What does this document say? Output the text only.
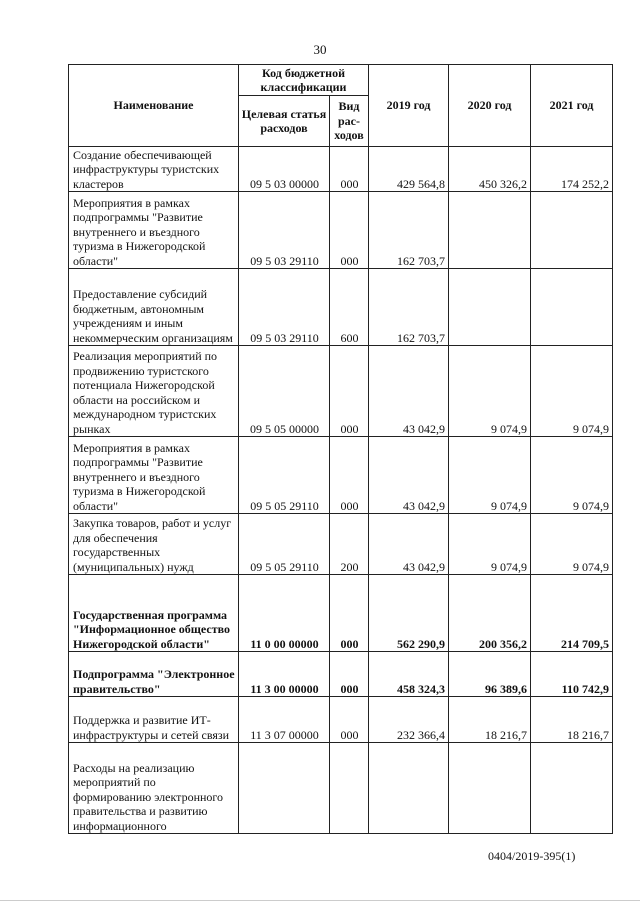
30
Наименование	Код бюджетной классификации		2019 год	2020 год	2021 год
	Целевая статья расходов	Вид рас-ходов			
Создание обеспечивающей инфраструктуры туристских кластеров	09 5 03 00000	000	429 564,8	450 326,2	174 252,2
Мероприятия в рамках подпрограммы "Развитие внутреннего и въездного туризма в Нижегородской области"	09 5 03 29110	000	162 703,7		
Предоставление субсидий бюджетным, автономным учреждениям и иным некоммерческим организациям	09 5 03 29110	600	162 703,7		
Реализация мероприятий по продвижению туристского потенциала Нижегородской области на российском и международном туристских рынках	09 5 05 00000	000	43 042,9	9 074,9	9 074,9
Мероприятия в рамках подпрограммы "Развитие внутреннего и въездного туризма в Нижегородской области"	09 5 05 29110	000	43 042,9	9 074,9	9 074,9
Закупка товаров, работ и услуг для обеспечения государственных (муниципальных) нужд	09 5 05 29110	200	43 042,9	9 074,9	9 074,9
Государственная программа "Информационное общество Нижегородской области"	11 0 00 00000	000	562 290,9	200 356,2	214 709,5
Подпрограмма "Электронное правительство"	11 3 00 00000	000	458 324,3	96 389,6	110 742,9
Поддержка и развитие ИТ-инфраструктуры и сетей связи	11 3 07 00000	000	232 366,4	18 216,7	18 216,7
Расходы на реализацию мероприятий по формированию электронного правительства и развитию информационного					
0404/2019-395(1)
